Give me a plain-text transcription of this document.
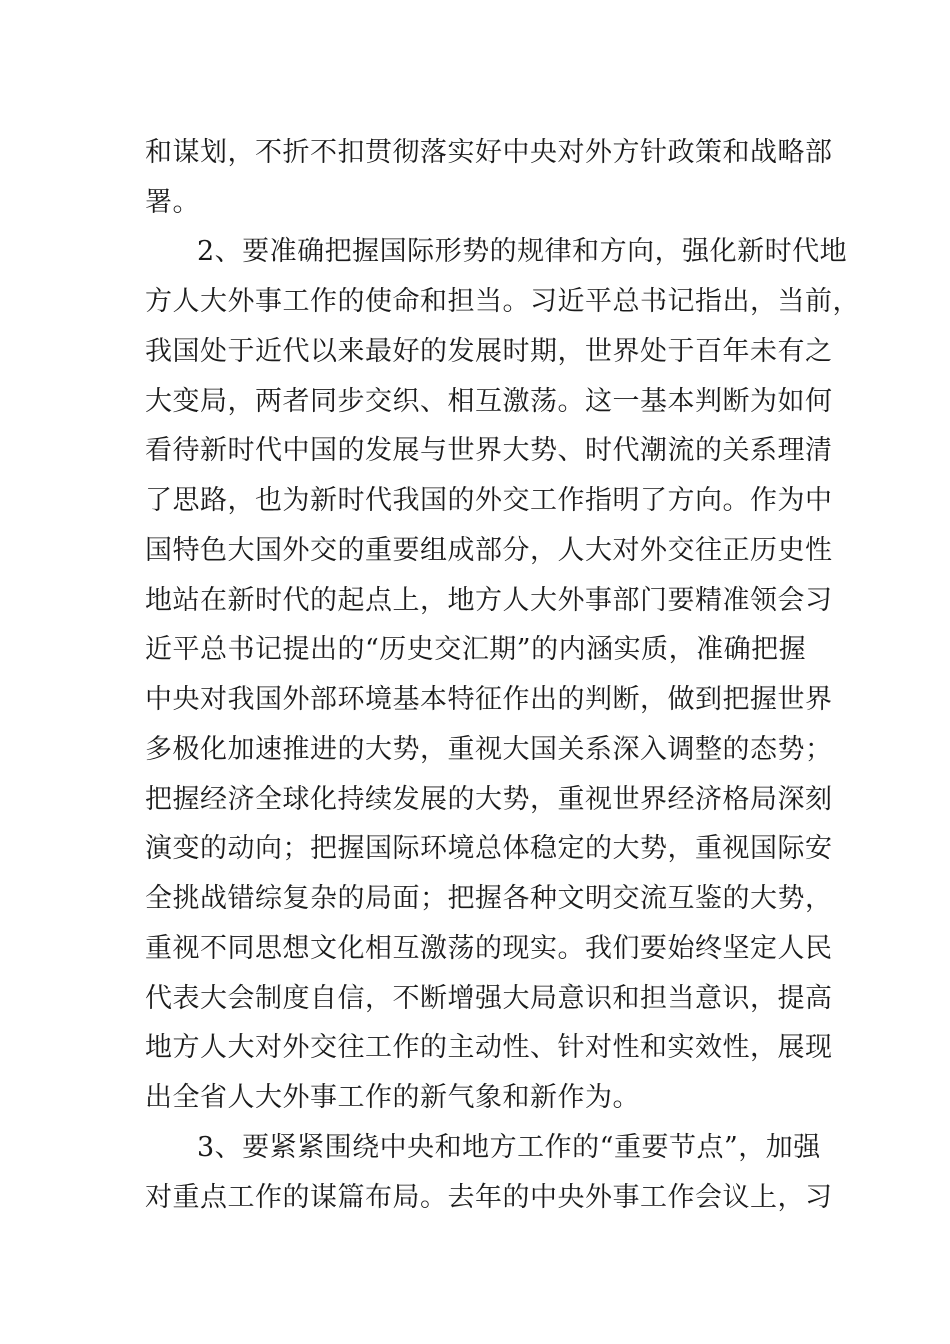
和谋划，不折不扣贯彻落实好中央对外方针政策和战略部
署。
2、要准确把握国际形势的规律和方向，强化新时代地
方人大外事工作的使命和担当。习近平总书记指出，当前，
我国处于近代以来最好的发展时期，世界处于百年未有之
大变局，两者同步交织、相互激荡。这一基本判断为如何
看待新时代中国的发展与世界大势、时代潮流的关系理清
了思路，也为新时代我国的外交工作指明了方向。作为中
国特色大国外交的重要组成部分，人大对外交往正历史性
地站在新时代的起点上，地方人大外事部门要精准领会习
近平总书记提出的“历史交汇期”的内涵实质，准确把握
中央对我国外部环境基本特征作出的判断，做到把握世界
多极化加速推进的大势，重视大国关系深入调整的态势；
把握经济全球化持续发展的大势，重视世界经济格局深刻
演变的动向；把握国际环境总体稳定的大势，重视国际安
全挑战错综复杂的局面；把握各种文明交流互鉴的大势，
重视不同思想文化相互激荡的现实。我们要始终坚定人民
代表大会制度自信，不断增强大局意识和担当意识，提高
地方人大对外交往工作的主动性、针对性和实效性，展现
出全省人大外事工作的新气象和新作为。
3、要紧紧围绕中央和地方工作的“重要节点”，加强
对重点工作的谋篇布局。去年的中央外事工作会议上，习
